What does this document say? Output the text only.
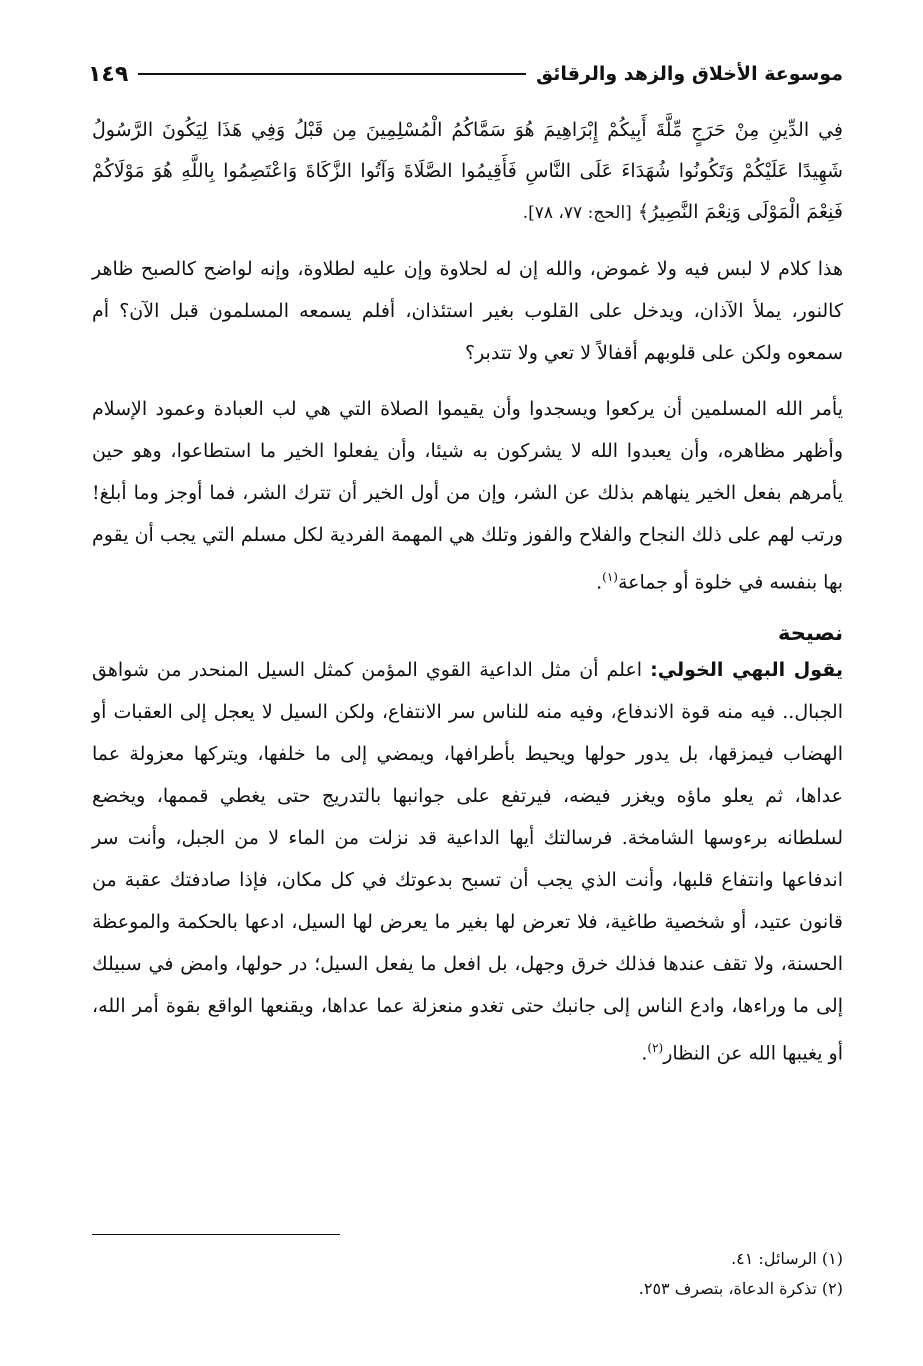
موسوعة الأخلاق والزهد والرقائق
١٤٩

فِي الدِّينِ مِنْ حَرَجٍ مِّلَّةَ أَبِيكُمْ إِبْرَاهِيمَ هُوَ سَمَّاكُمُ الْمُسْلِمِينَ مِن قَبْلُ وَفِي هَذَا لِيَكُونَ الرَّسُولُ شَهِيدًا عَلَيْكُمْ وَتَكُونُوا شُهَدَاءَ عَلَى النَّاسِ فَأَقِيمُوا الصَّلَاةَ وَآتُوا الزَّكَاةَ وَاعْتَصِمُوا بِاللَّهِ هُوَ مَوْلَاكُمْ فَنِعْمَ الْمَوْلَى وَنِعْمَ النَّصِيرُ﴾ [الحج: ٧٧، ٧٨].

هذا كلام لا لبس فيه ولا غموض، والله إن له لحلاوة وإن عليه لطلاوة، وإنه لواضح كالصبح ظاهر كالنور، يملأ الآذان، ويدخل على القلوب بغير استئذان، أفلم يسمعه المسلمون قبل الآن؟ أم سمعوه ولكن على قلوبهم أقفالاً لا تعي ولا تتدبر؟

يأمر الله المسلمين أن يركعوا ويسجدوا وأن يقيموا الصلاة التي هي لب العبادة وعمود الإسلام وأظهر مظاهره، وأن يعبدوا الله لا يشركون به شيئا، وأن يفعلوا الخير ما استطاعوا، وهو حين يأمرهم بفعل الخير ينهاهم بذلك عن الشر، وإن من أول الخير أن تترك الشر، فما أوجز وما أبلغ! ورتب لهم على ذلك النجاح والفلاح والفوز وتلك هي المهمة الفردية لكل مسلم التي يجب أن يقوم بها بنفسه في خلوة أو جماعة$^{(١)}$.

نصيحة

يقول البهي الخولي: اعلم أن مثل الداعية القوي المؤمن كمثل السيل المنحدر من شواهق الجبال.. فيه منه قوة الاندفاع، وفيه منه للناس سر الانتفاع، ولكن السيل لا يعجل إلى العقبات أو الهضاب فيمزقها، بل يدور حولها ويحيط بأطرافها، ويمضي إلى ما خلفها، ويتركها معزولة عما عداها، ثم يعلو ماؤه ويغزر فيضه، فيرتفع على جوانبها بالتدريج حتى يغطي قممها، ويخضع لسلطانه برءوسها الشامخة. فرسالتك أيها الداعية قد نزلت من الماء لا من الجبل، وأنت سر اندفاعها وانتفاع قلبها، وأنت الذي يجب أن تسبح بدعوتك في كل مكان، فإذا صادفتك عقبة من قانون عتيد، أو شخصية طاغية، فلا تعرض لها بغير ما يعرض لها السيل، ادعها بالحكمة والموعظة الحسنة، ولا تقف عندها فذلك خرق وجهل، بل افعل ما يفعل السيل؛ در حولها، وامض في سبيلك إلى ما وراءها، وادع الناس إلى جانبك حتى تغدو منعزلة عما عداها، ويقنعها الواقع بقوة أمر الله، أو يغيبها الله عن النظار$^{(٢)}$.

(١) الرسائل: ٤١.
(٢) تذكرة الدعاة، بتصرف ٢٥٣.
